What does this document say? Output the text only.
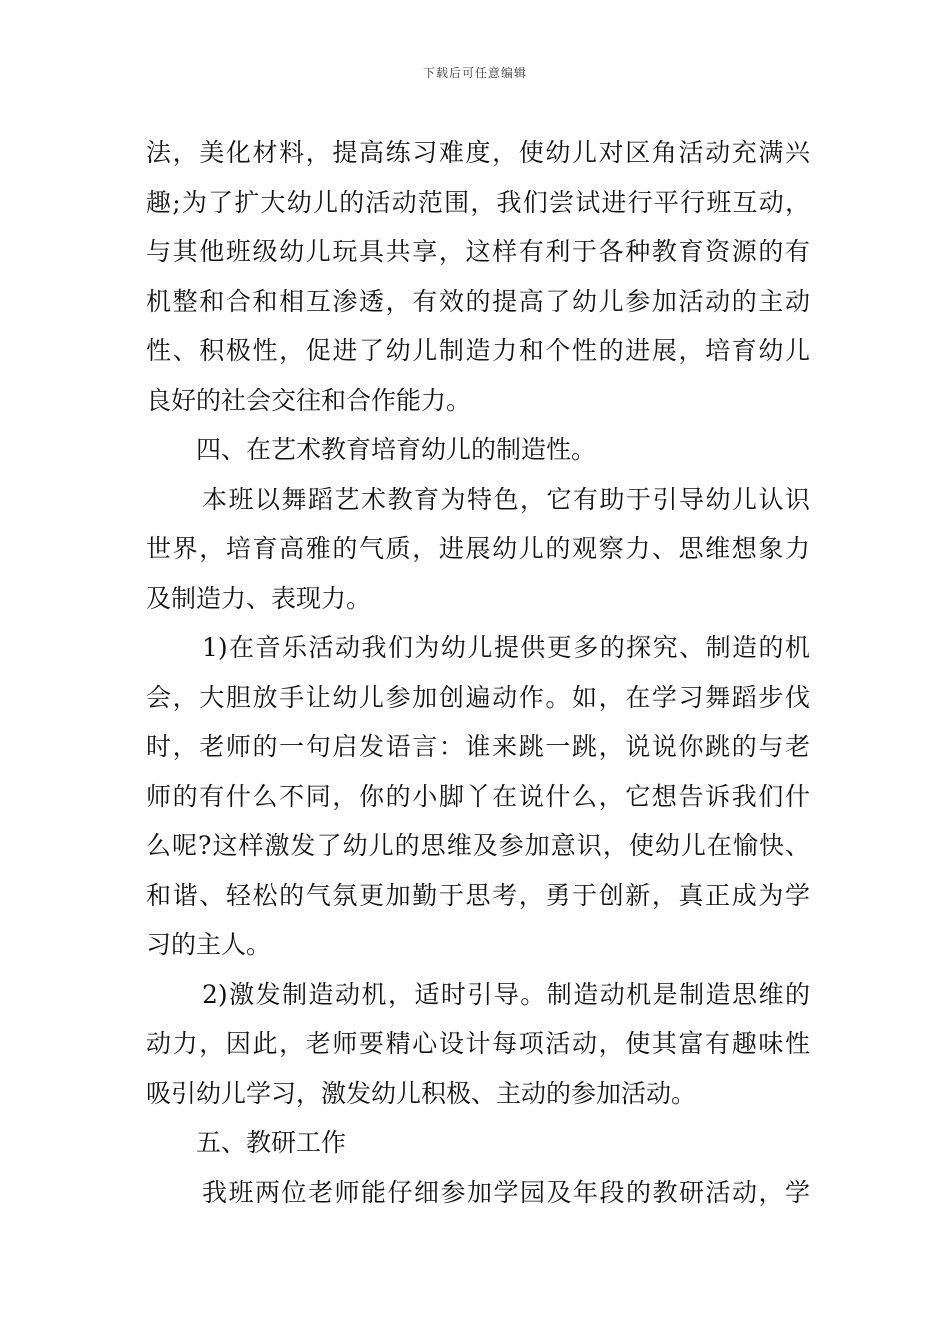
下载后可任意编辑
法，美化材料，提高练习难度，使幼儿对区角活动充满兴
趣;为了扩大幼儿的活动范围，我们尝试进行平行班互动，
与其他班级幼儿玩具共享，这样有利于各种教育资源的有
机整和合和相互渗透，有效的提高了幼儿参加活动的主动
性、积极性，促进了幼儿制造力和个性的进展，培育幼儿
良好的社会交往和合作能力。
四、在艺术教育培育幼儿的制造性。
本班以舞蹈艺术教育为特色，它有助于引导幼儿认识
世界，培育高雅的气质，进展幼儿的观察力、思维想象力
及制造力、表现力。
1)在音乐活动我们为幼儿提供更多的探究、制造的机
会，大胆放手让幼儿参加创遍动作。如，在学习舞蹈步伐
时，老师的一句启发语言：谁来跳一跳，说说你跳的与老
师的有什么不同，你的小脚丫在说什么，它想告诉我们什
么呢?这样激发了幼儿的思维及参加意识，使幼儿在愉快、
和谐、轻松的气氛更加勤于思考，勇于创新，真正成为学
习的主人。
2)激发制造动机，适时引导。制造动机是制造思维的
动力，因此，老师要精心设计每项活动，使其富有趣味性
吸引幼儿学习，激发幼儿积极、主动的参加活动。
五、教研工作
我班两位老师能仔细参加学园及年段的教研活动，学
